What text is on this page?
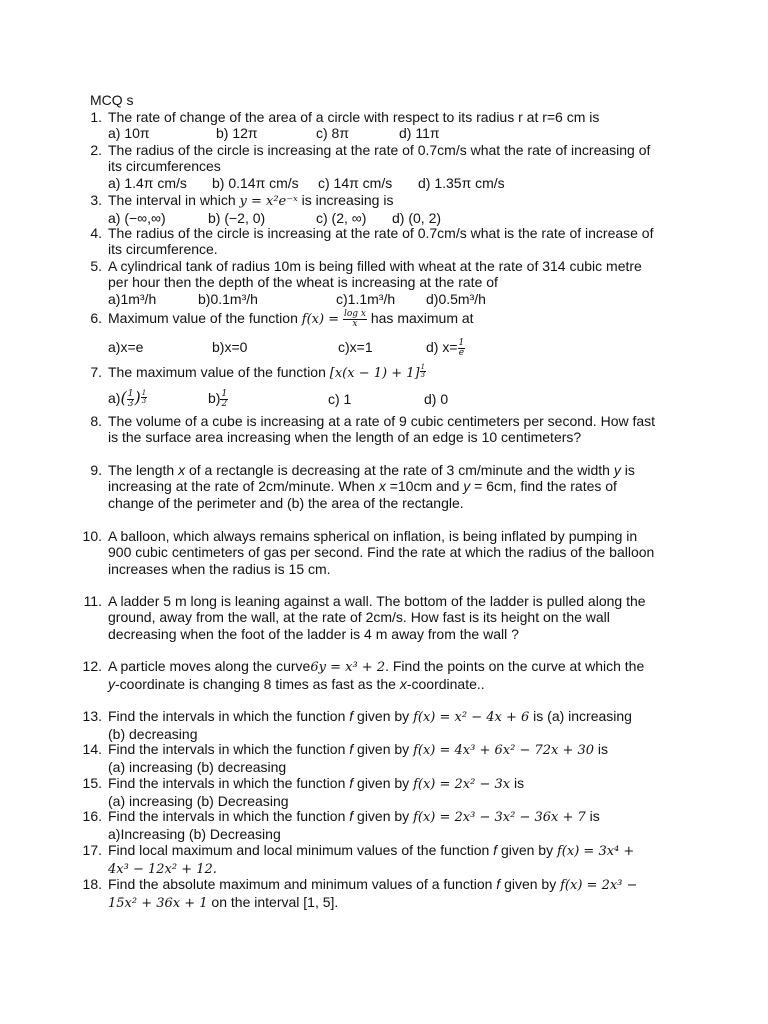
MCQ s
1. The rate of change of the area of a circle with respect to its radius r at r=6 cm is
a) 10π	b) 12π	c) 8π	d) 11π
2. The radius of the circle is increasing at the rate of 0.7cm/s what the rate of increasing of
its circumferences
a) 1.4π cm/s b) 0.14π cm/s c) 14π cm/s d) 1.35π cm/s
3. The interval in which y = x²e⁻ˣ is increasing is
a) (−∞,∞)	b) (−2, 0)	c) (2, ∞) d) (0, 2)
4. The radius of the circle is increasing at the rate of 0.7cm/s what is the rate of increase of
its circumference.
5. A cylindrical tank of radius 10m is being filled with wheat at the rate of 314 cubic metre
per hour then the depth of the wheat is increasing at the rate of
a)1m³/h	b)0.1m³/h	c)1.1m³/h d)0.5m³/h
6. Maximum value of the function $f(x) = \frac{\text{log x}}{x}$ has maximum at
a)x=e	b)x=0	c)x=1	d) $x= \frac{1}{e}$
7. The maximum value of the function $[x(x - 1) + 1] \frac{1}{3}$
$a)( \frac{1}{3}$ ) $\frac{1}{3}$	$b) \frac{1}{2}$	c) 1	d) 0
8. The volume of a cube is increasing at a rate of 9 cubic centimeters per second. How fast
is the surface area increasing when the length of an edge is 10 centimeters?
9. The length x of a rectangle is decreasing at the rate of 3 cm/minute and the width y is
increasing at the rate of 2cm/minute. When x =10cm and y = 6cm, find the rates of
change of the perimeter and (b) the area of the rectangle.
10. A balloon, which always remains spherical on inflation, is being inflated by pumping in
900 cubic centimeters of gas per second. Find the rate at which the radius of the balloon
increases when the radius is 15 cm.
11. A ladder 5 m long is leaning against a wall. The bottom of the ladder is pulled along the
ground, away from the wall, at the rate of 2cm/s. How fast is its height on the wall
decreasing when the foot of the ladder is 4 m away from the wall ?
12. A particle moves along the curve6y = x³ + 2. Find the points on the curve at which the
y-coordinate is changing 8 times as fast as the x-coordinate..
13. Find the intervals in which the function f given by f(x) = x² − 4x + 6 is (a) increasing
(b) decreasing
14. Find the intervals in which the function f given by f(x) = 4x³ + 6x² − 72x + 30 is
(a) increasing (b) decreasing
15. Find the intervals in which the function f given by f(x) = 2x² − 3x is
(a) increasing (b) Decreasing
16. Find the intervals in which the function f given by f(x) = 2x³ − 3x² − 36x + 7 is
a)Increasing (b) Decreasing
17. Find local maximum and local minimum values of the function f given by f(x) = 3x⁴ +
4x³ − 12x² + 12.
18. Find the absolute maximum and minimum values of a function f given by f(x) = 2x³ −
15x² + 36x + 1 on the interval [1, 5].
